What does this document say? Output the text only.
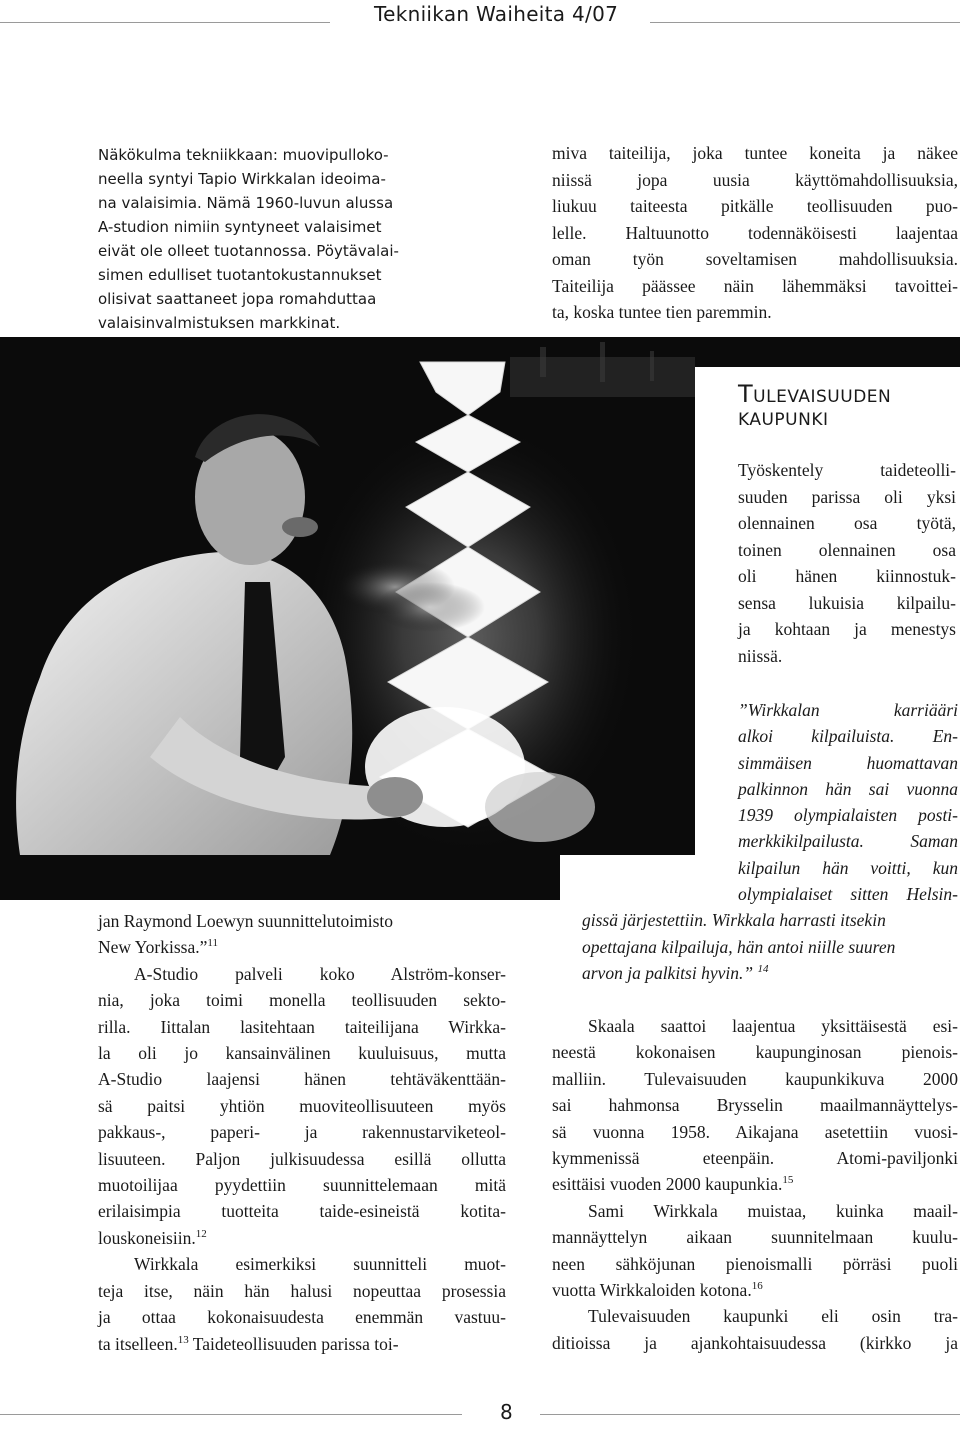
Tekniikan Waiheita 4/07
Näkökulma tekniikkaan: muovipulloko-
neella syntyi Tapio Wirkkalan ideoima-
na valaisimia. Nämä 1960-luvun alussa
A-studion nimiin syntyneet valaisimet
eivät ole olleet tuotannossa. Pöytävalai-
simen edulliset tuotantokustannukset
olisivat saattaneet jopa romahduttaa
valaisinvalmistuksen markkinat.
miva taiteilija, joka tuntee koneita ja näkee
niissä jopa uusia käyttömahdollisuuksia,
liukuu taiteesta pitkälle teollisuuden puo-
lelle. Haltuunotto todennäköisesti laajentaa
oman työn soveltamisen mahdollisuuksia.
Taiteilija päässee näin lähemmäksi tavoittei-
ta, koska tuntee tien paremmin.
TULEVAISUUDEN
KAUPUNKI
Työskentely taideteolli-
suuden parissa oli yksi
olennainen osa työtä,
toinen olennainen osa
oli hänen kiinnostuk-
sensa lukuisia kilpailu-
ja kohtaan ja menestys
niissä.
”Wirkkalan karriääri
alkoi kilpailuista. En-
simmäisen huomattavan
palkinnon hän sai vuonna
1939 olympialaisten posti-
merkkikilpailusta. Saman
kilpailun hän voitti, kun
olympialaiset sitten Helsin-
gissä järjestettiin. Wirkkala harrasti itsekin
opettajana kilpailuja, hän antoi niille suuren
arvon ja palkitsi hyvin.” $^{14}$
jan Raymond Loewyn suunnittelutoimisto
New Yorkissa.”$^{11}$
A-Studio palveli koko Alström-konser-
nia, joka toimi monella teollisuuden sekto-
rilla. Iittalan lasitehtaan taiteilijana Wirkka-
la oli jo kansainvälinen kuuluisuus, mutta
A-Studio laajensi hänen tehtäväkenttään-
sä paitsi yhtiön muoviteollisuuteen myös
pakkaus-, paperi- ja rakennustarviketeol-
lisuuteen. Paljon julkisuudessa esillä ollutta
muotoilijaa pyydettiin suunnittelemaan mitä
erilaisimpia tuotteita taide-esineistä kotita-
louskoneisiin.$^{12}$
Wirkkala esimerkiksi suunnitteli muot-
teja itse, näin hän halusi nopeuttaa prosessia
ja ottaa kokonaisuudesta enemmän vastuu-
ta itselleen.$^{13}$ Taideteollisuuden parissa toi-
Skaala saattoi laajentua yksittäisestä esi-
neestä kokonaisen kaupunginosan pienois-
malliin. Tulevaisuuden kaupunkikuva 2000
sai hahmonsa Brysselin maailmannäyttelys-
sä vuonna 1958. Aikajana asetettiin vuosi-
kymmenissä eteenpäin. Atomi-paviljonki
esittäisi vuoden 2000 kaupunkia.$^{15}$
Sami Wirkkala muistaa, kuinka maail-
mannäyttelyn aikaan suunnitelmaan kuulu-
neen sähköjunan pienoismalli pörräsi puoli
vuotta Wirkkaloiden kotona.$^{16}$
Tulevaisuuden kaupunki eli osin tra-
ditioissa ja ajankohtaisuudessa (kirkko ja
8
